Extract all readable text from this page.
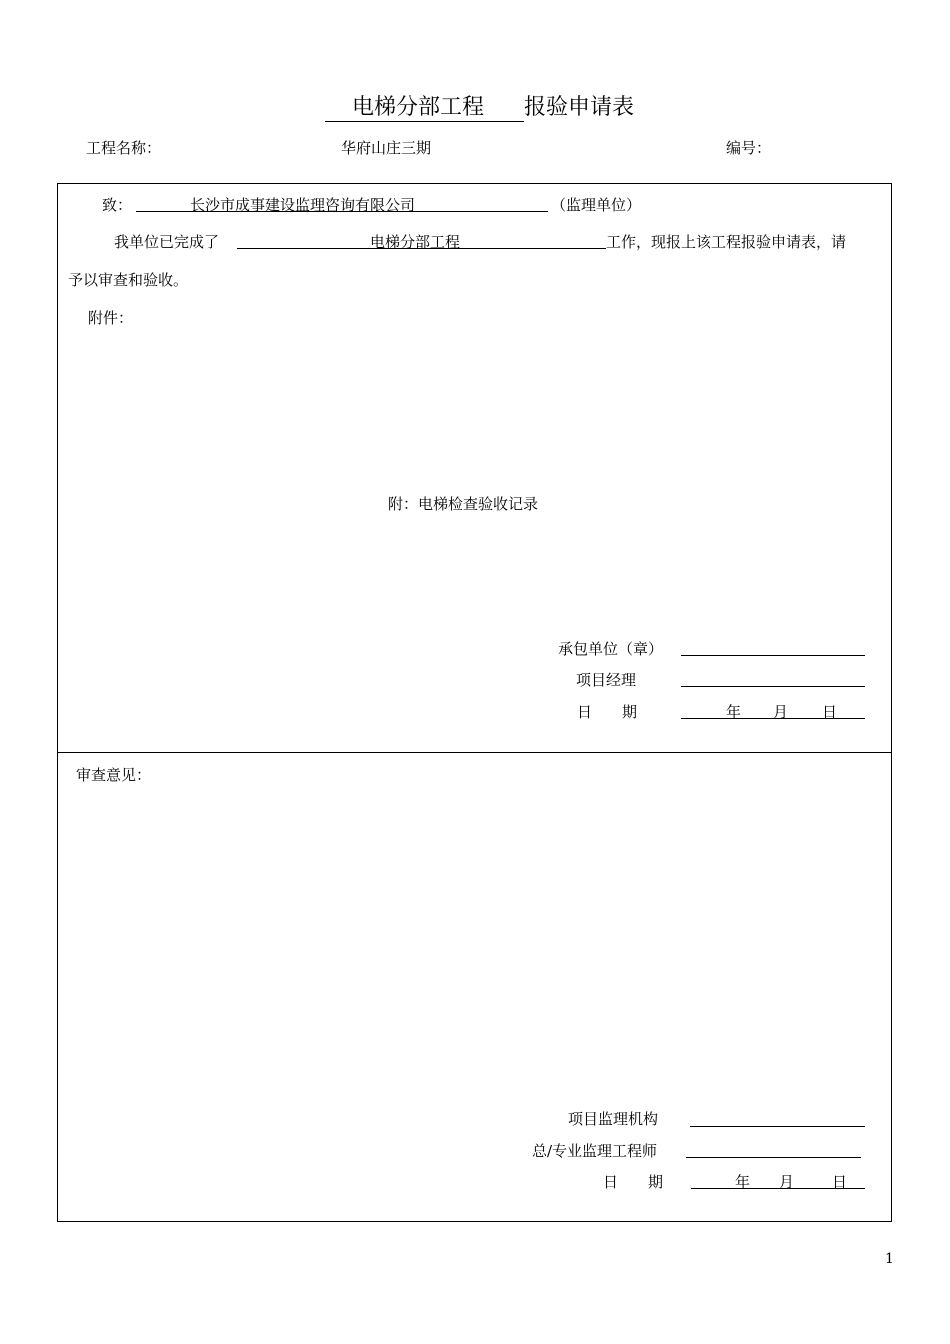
电梯分部工程 报验申请表
工程名称：	华府山庄三期	编号：
致：	长沙市成事建设监理咨询有限公司	（监理单位）
我单位已完成了	电梯分部工程	工作，现报上该工程报验申请表，请
予以审查和验收。
附件：
附：电梯检查验收记录
承包单位（章）
项目经理
日　　期	年 月 日
审查意见：
项目监理机构
总/专业监理工程师
日　　期	年 月	日
1
